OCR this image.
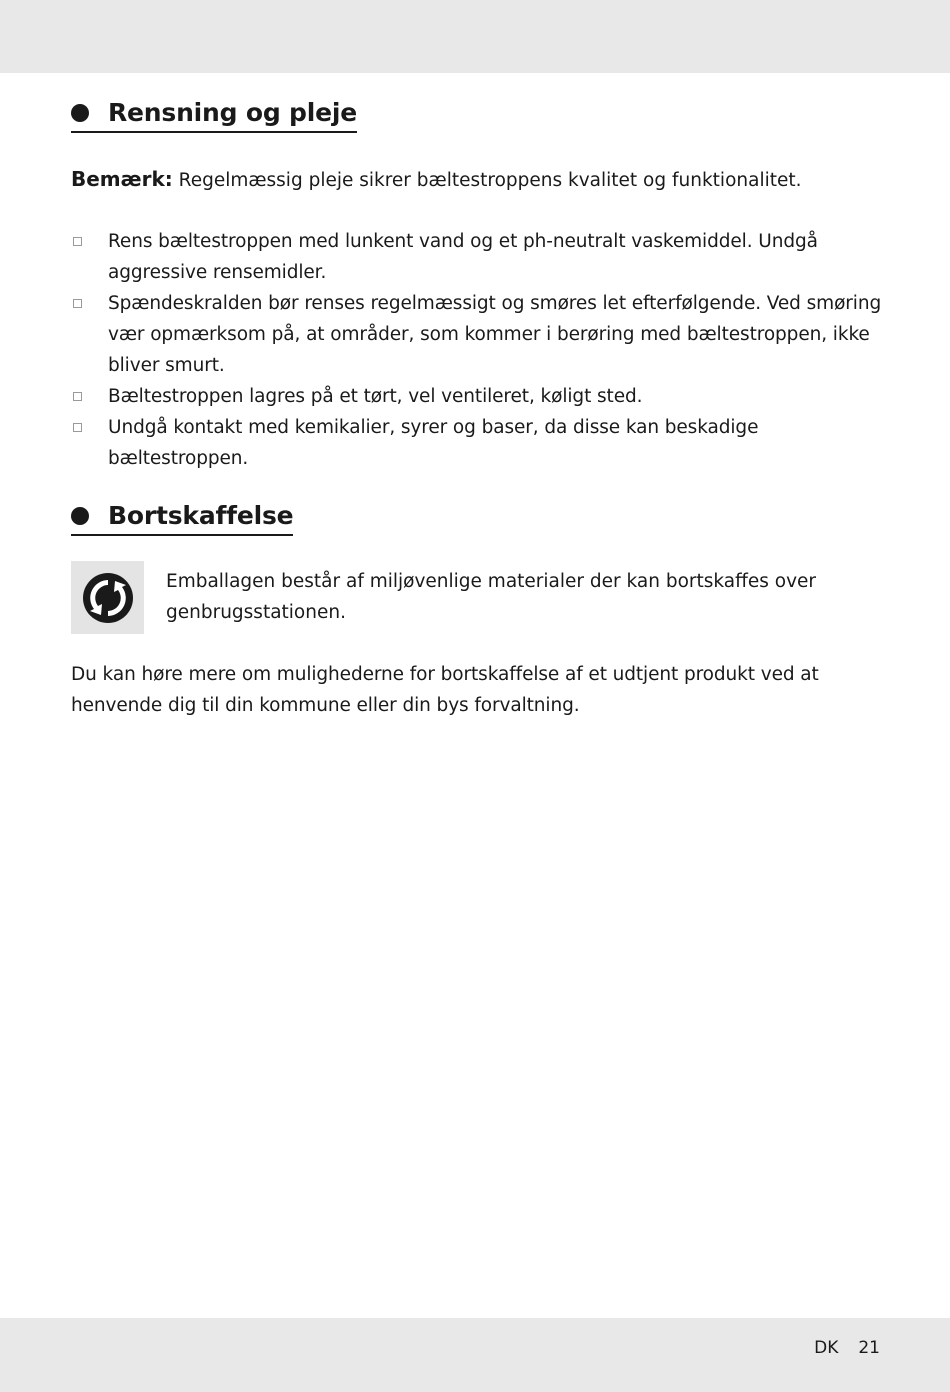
Rensning og pleje
Bemærk: Regelmæssig pleje sikrer bæltestroppens kvalitet og funktionalitet.
Rens bæltestroppen med lunkent vand og et ph-neutralt vaskemiddel. Undgå aggressive rensemidler.
Spændeskralden bør renses regelmæssigt og smøres let efterfølgende. Ved smøring vær opmærksom på, at områder, som kommer i berøring med bæltestroppen, ikke bliver smurt.
Bæltestroppen lagres på et tørt, vel ventileret, køligt sted.
Undgå kontakt med kemikalier, syrer og baser, da disse kan beskadige bæltestroppen.
Bortskaffelse
Emballagen består af miljøvenlige materialer der kan bortskaffes over genbrugsstationen.
Du kan høre mere om mulighederne for bortskaffelse af et udtjent produkt ved at henvende dig til din kommune eller din bys forvaltning.
DK 21
